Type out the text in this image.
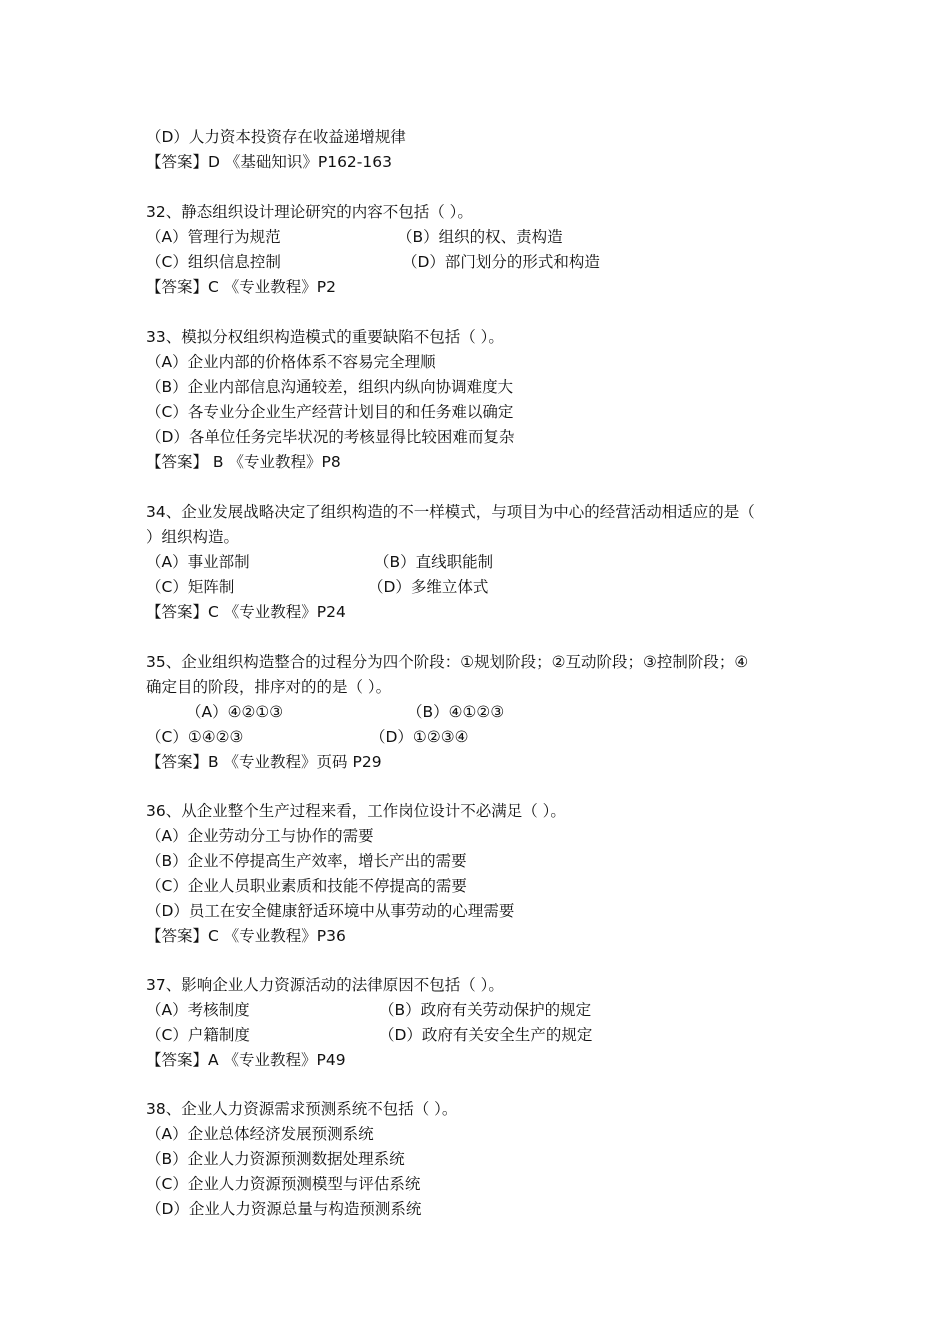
（D）人力资本投资存在收益递增规律
【答案】D 《基础知识》P162-163
32、静态组织设计理论研究的内容不包括（ ）。
（A）管理行为规范	（B）组织的权、责构造
（C）组织信息控制	（D）部门划分的形式和构造
【答案】C 《专业教程》P2
33、模拟分权组织构造模式的重要缺陷不包括（ ）。
（A）企业内部的价格体系不容易完全理顺
（B）企业内部信息沟通较差，组织内纵向协调难度大
（C）各专业分企业生产经营计划目的和任务难以确定
（D）各单位任务完毕状况的考核显得比较困难而复杂
【答案】 B 《专业教程》P8
34、企业发展战略决定了组织构造的不一样模式，与项目为中心的经营活动相适应的是（
）组织构造。
（A）事业部制	（B）直线职能制
（C）矩阵制	（D）多维立体式
【答案】C 《专业教程》P24
35、企业组织构造整合的过程分为四个阶段：①规划阶段；②互动阶段；③控制阶段；④
确定目的阶段，排序对的的是（ ）。
（A）④②①③	（B）④①②③
（C）①④②③	（D）①②③④
【答案】B 《专业教程》页码 P29
36、从企业整个生产过程来看，工作岗位设计不必满足（ ）。
（A）企业劳动分工与协作的需要
（B）企业不停提高生产效率，增长产出的需要
（C）企业人员职业素质和技能不停提高的需要
（D）员工在安全健康舒适环境中从事劳动的心理需要
【答案】C 《专业教程》P36
37、影响企业人力资源活动的法律原因不包括（ ）。
（A）考核制度	（B）政府有关劳动保护的规定
（C）户籍制度	（D）政府有关安全生产的规定
【答案】A 《专业教程》P49
38、企业人力资源需求预测系统不包括（ ）。
（A）企业总体经济发展预测系统
（B）企业人力资源预测数据处理系统
（C）企业人力资源预测模型与评估系统
（D）企业人力资源总量与构造预测系统
